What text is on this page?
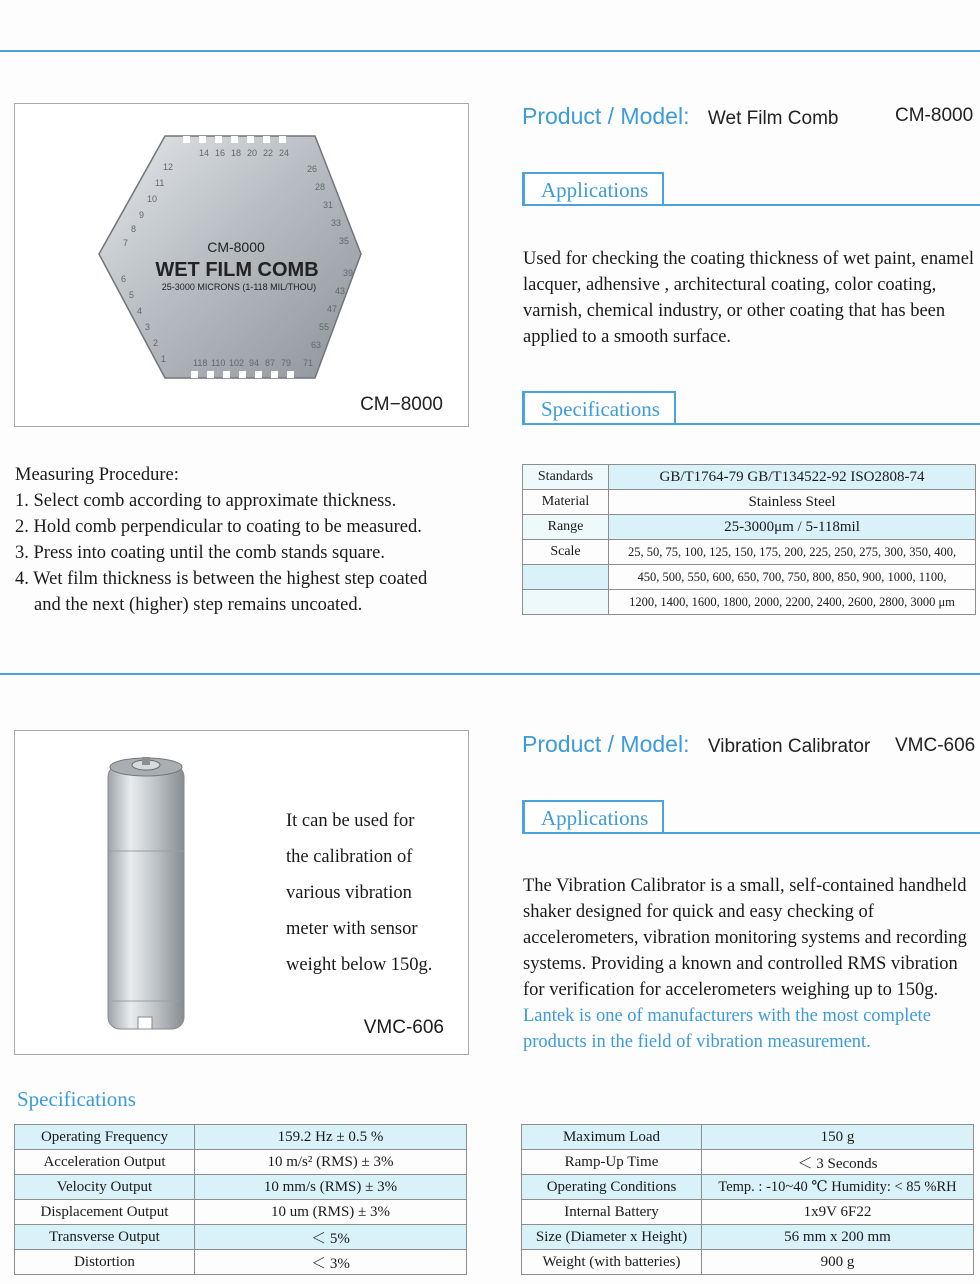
CM-8000
WET FILM COMB
25-3000 MICRONS (1-118 MIL/THOU)
14 16 18 20 22 24
12
11
10
9
8
7
26
28
31
33
35
6
5
4
3
2
1
39
43
47
55
63
71
118 110 102 94 87 79
CM−8000
Product / Model: Wet Film Comb	CM-8000
Applications
Used for checking the coating thickness of wet paint, enamel lacquer, adhensive , architectural coating, color coating, varnish, chemical industry, or other coating that has been applied to a smooth surface.
Specifications
Measuring Procedure:
1. Select comb according to approximate thickness.
2. Hold comb perpendicular to coating to be measured.
3. Press into coating until the comb stands square.
4. Wet film thickness is between the highest step coated
and the next (higher) step remains uncoated.
Standards	GB/T1764-79 GB/T134522-92 ISO2808-74
Material	Stainless Steel
Range	25-3000μm / 5-118mil
Scale	25, 50, 75, 100, 125, 150, 175, 200, 225, 250, 275, 300, 350, 400,
	450, 500, 550, 600, 650, 700, 750, 800, 850, 900, 1000, 1100,
	1200, 1400, 1600, 1800, 2000, 2200, 2400, 2600, 2800, 3000 μm
It can be used for
the calibration of
various vibration
meter with sensor
weight below 150g.
VMC-606
Product / Model: Vibration Calibrator VMC-606
Applications
The Vibration Calibrator is a small, self-contained handheld shaker designed for quick and easy checking of accelerometers, vibration monitoring systems and recording systems. Providing a known and controlled RMS vibration for verification for accelerometers weighing up to 150g.
Lantek is one of manufacturers with the most complete products in the field of vibration measurement.
Specifications
Operating Frequency	159.2 Hz ± 0.5 %
Acceleration Output	10 m/s² (RMS) ± 3%
Velocity Output	10 mm/s (RMS) ± 3%
Displacement Output	10 um (RMS) ± 3%
Transverse Output	＜ 5%
Distortion	＜ 3%
Maximum Load	150 g
Ramp-Up Time	＜ 3 Seconds
Operating Conditions	Temp. : -10~40 ℃ Humidity: < 85 %RH
Internal Battery	1x9V 6F22
Size (Diameter x Height)	56 mm x 200 mm
Weight (with batteries)	900 g
